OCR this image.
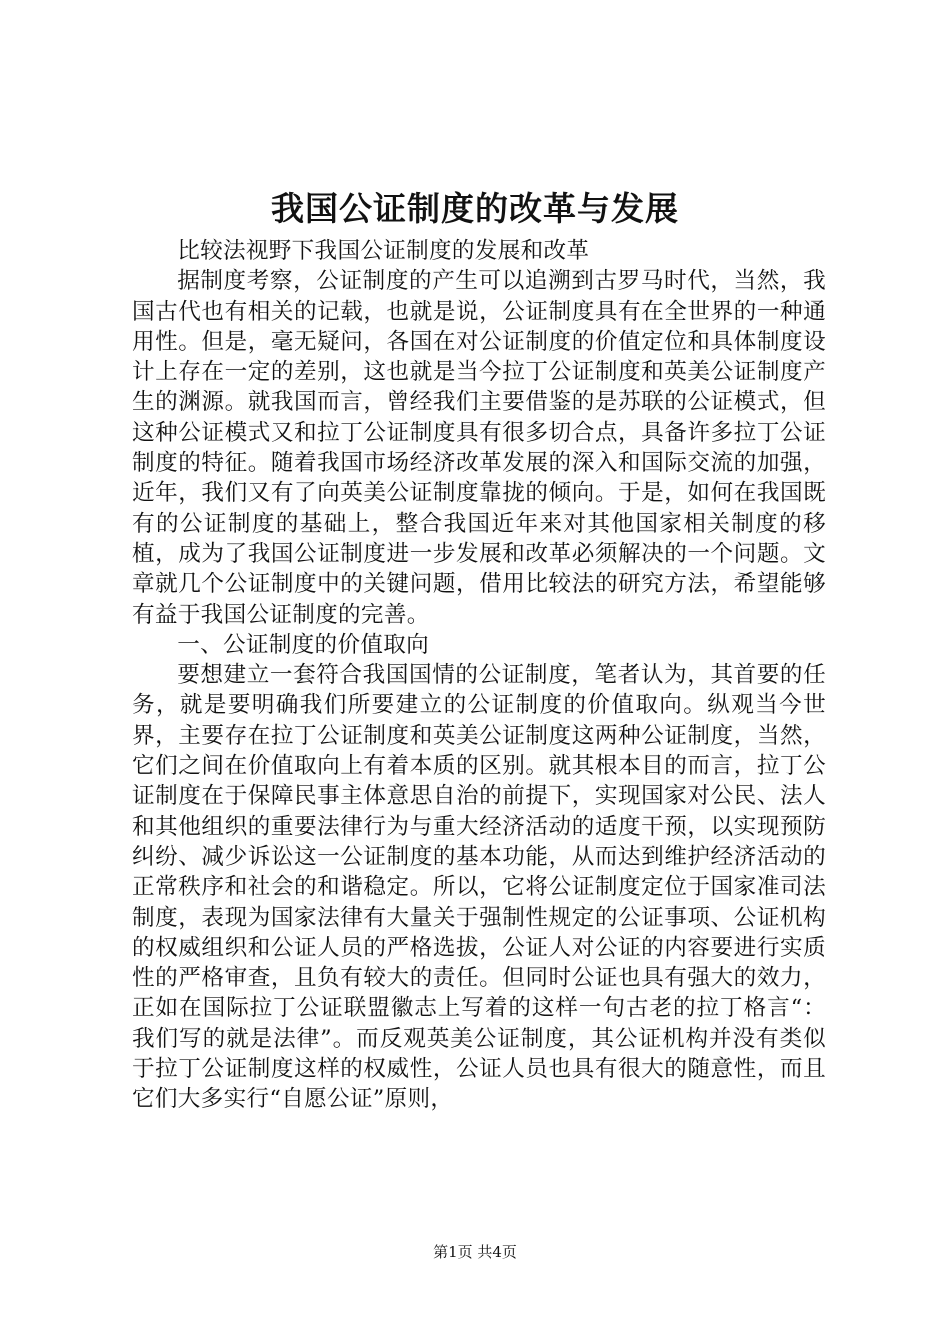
我国公证制度的改革与发展

比较法视野下我国公证制度的发展和改革

据制度考察，公证制度的产生可以追溯到古罗马时代，当然，我国古代也有相关的记载，也就是说，公证制度具有在全世界的一种通用性。但是，毫无疑问，各国在对公证制度的价值定位和具体制度设计上存在一定的差别，这也就是当今拉丁公证制度和英美公证制度产生的渊源。就我国而言，曾经我们主要借鉴的是苏联的公证模式，但这种公证模式又和拉丁公证制度具有很多切合点，具备许多拉丁公证制度的特征。随着我国市场经济改革发展的深入和国际交流的加强，近年，我们又有了向英美公证制度靠拢的倾向。于是，如何在我国既有的公证制度的基础上，整合我国近年来对其他国家相关制度的移植，成为了我国公证制度进一步发展和改革必须解决的一个问题。文章就几个公证制度中的关键问题，借用比较法的研究方法，希望能够有益于我国公证制度的完善。

一、公证制度的价值取向

要想建立一套符合我国国情的公证制度，笔者认为，其首要的任务，就是要明确我们所要建立的公证制度的价值取向。纵观当今世界，主要存在拉丁公证制度和英美公证制度这两种公证制度，当然，它们之间在价值取向上有着本质的区别。就其根本目的而言，拉丁公证制度在于保障民事主体意思自治的前提下，实现国家对公民、法人和其他组织的重要法律行为与重大经济活动的适度干预，以实现预防纠纷、减少诉讼这一公证制度的基本功能，从而达到维护经济活动的正常秩序和社会的和谐稳定。所以，它将公证制度定位于国家准司法制度，表现为国家法律有大量关于强制性规定的公证事项、公证机构的权威组织和公证人员的严格选拔，公证人对公证的内容要进行实质性的严格审查，且负有较大的责任。但同时公证也具有强大的效力，正如在国际拉丁公证联盟徽志上写着的这样一句古老的拉丁格言“：我们写的就是法律”。而反观英美公证制度，其公证机构并没有类似于拉丁公证制度这样的权威性，公证人员也具有很大的随意性，而且它们大多实行“自愿公证”原则，

第1页 共4页
